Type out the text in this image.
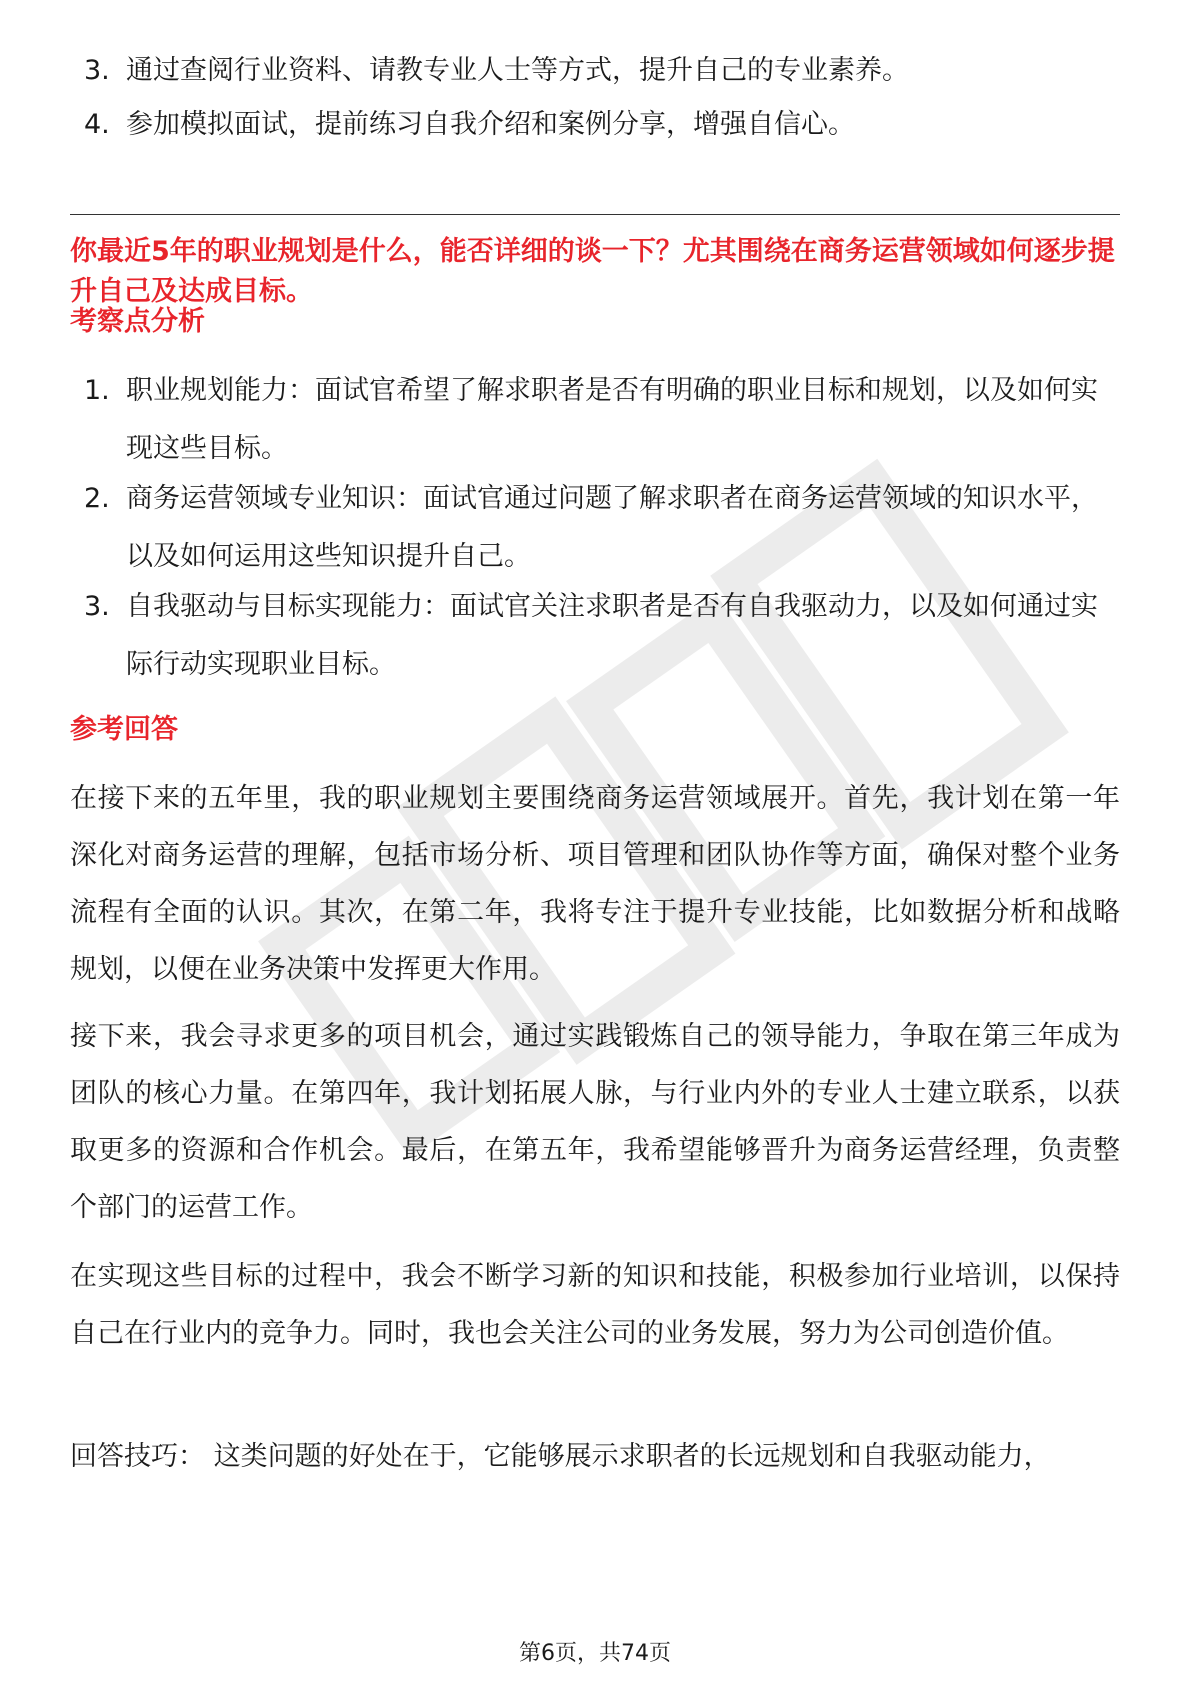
3. 通过查阅行业资料、请教专业人士等方式，提升自己的专业素养。
4. 参加模拟面试，提前练习自我介绍和案例分享，增强自信心。
你最近5年的职业规划是什么，能否详细的谈一下？尤其围绕在商务运营领域如何逐步提升自己及达成目标。
考察点分析
1. 职业规划能力：面试官希望了解求职者是否有明确的职业目标和规划，以及如何实现这些目标。
2. 商务运营领域专业知识：面试官通过问题了解求职者在商务运营领域的知识水平，以及如何运用这些知识提升自己。
3. 自我驱动与目标实现能力：面试官关注求职者是否有自我驱动力，以及如何通过实际行动实现职业目标。
参考回答
在接下来的五年里，我的职业规划主要围绕商务运营领域展开。首先，我计划在第一年深化对商务运营的理解，包括市场分析、项目管理和团队协作等方面，确保对整个业务流程有全面的认识。其次，在第二年，我将专注于提升专业技能，比如数据分析和战略规划，以便在业务决策中发挥更大作用。
接下来，我会寻求更多的项目机会，通过实践锻炼自己的领导能力，争取在第三年成为团队的核心力量。在第四年，我计划拓展人脉，与行业内外的专业人士建立联系，以获取更多的资源和合作机会。最后，在第五年，我希望能够晋升为商务运营经理，负责整个部门的运营工作。
在实现这些目标的过程中，我会不断学习新的知识和技能，积极参加行业培训，以保持自己在行业内的竞争力。同时，我也会关注公司的业务发展，努力为公司创造价值。
回答技巧： 这类问题的好处在于，它能够展示求职者的长远规划和自我驱动能力，
第6页，共74页
